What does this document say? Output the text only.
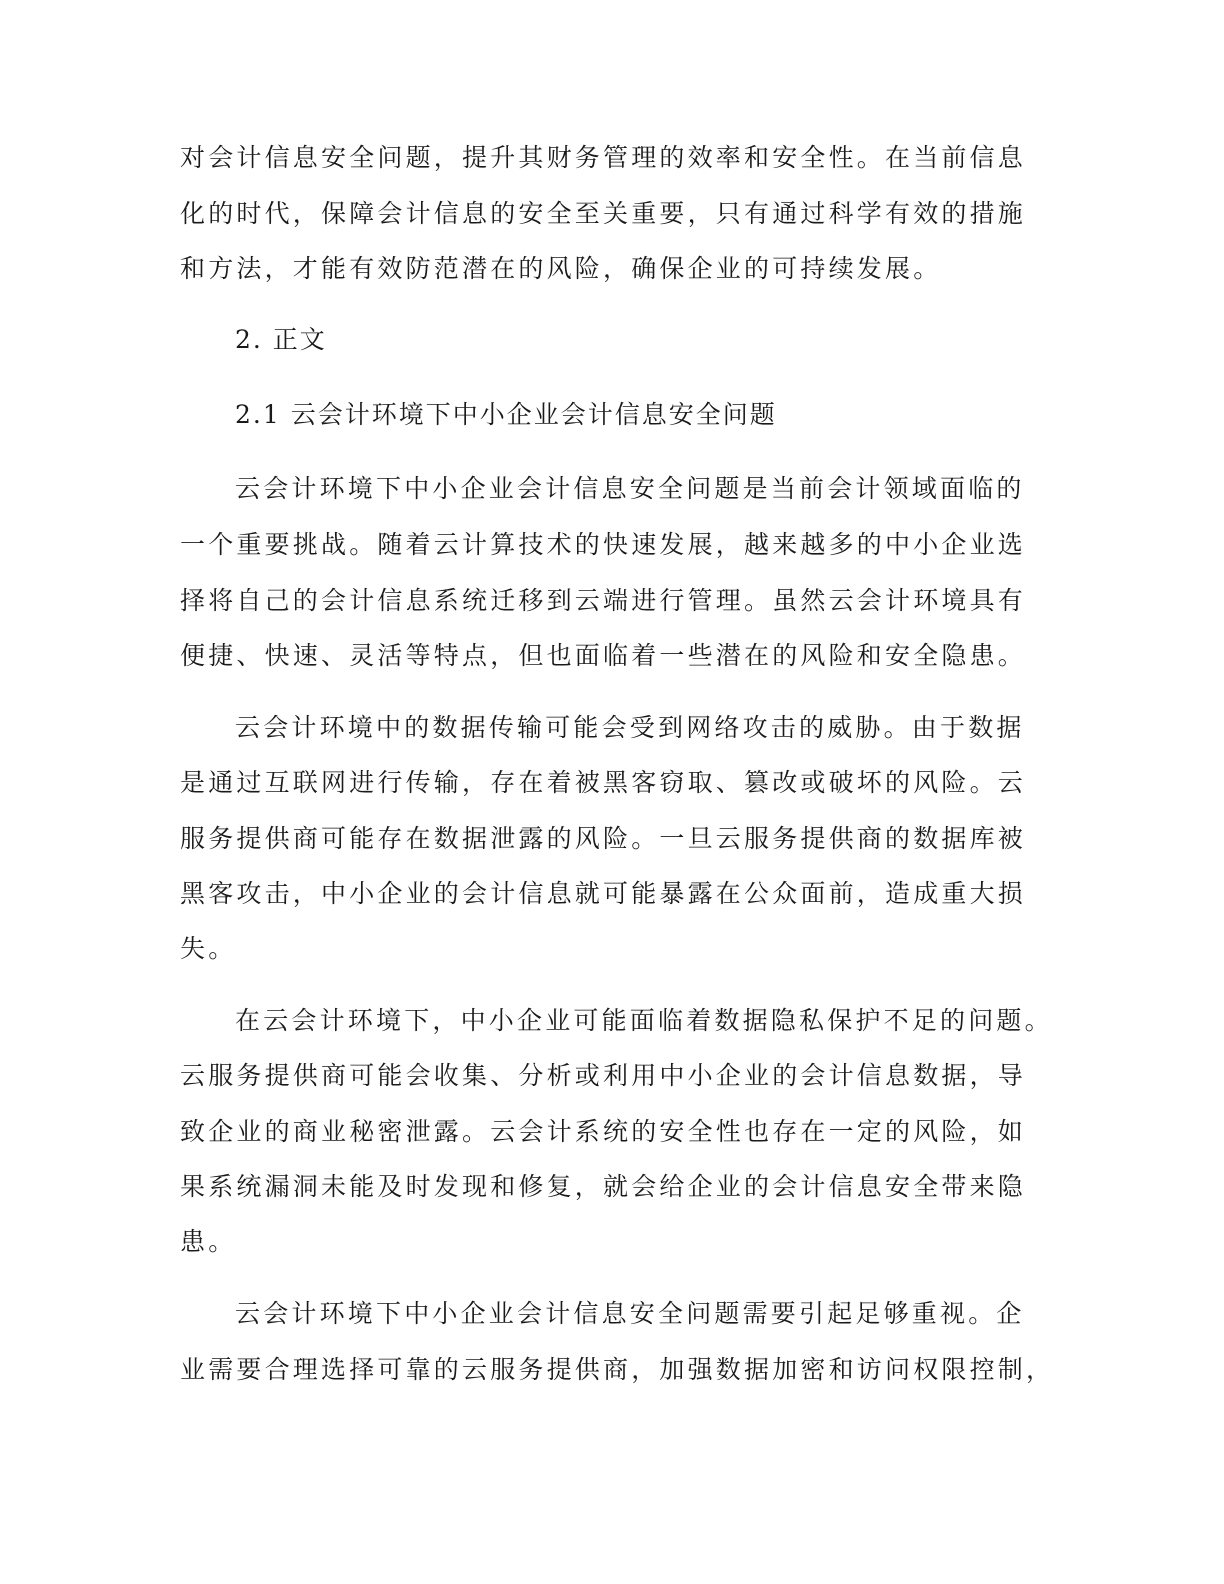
对会计信息安全问题，提升其财务管理的效率和安全性。在当前信息
化的时代，保障会计信息的安全至关重要，只有通过科学有效的措施
和方法，才能有效防范潜在的风险，确保企业的可持续发展。
2. 正文
2.1 云会计环境下中小企业会计信息安全问题
云会计环境下中小企业会计信息安全问题是当前会计领域面临的
一个重要挑战。随着云计算技术的快速发展，越来越多的中小企业选
择将自己的会计信息系统迁移到云端进行管理。虽然云会计环境具有
便捷、快速、灵活等特点，但也面临着一些潜在的风险和安全隐患。
云会计环境中的数据传输可能会受到网络攻击的威胁。由于数据
是通过互联网进行传输，存在着被黑客窃取、篡改或破坏的风险。云
服务提供商可能存在数据泄露的风险。一旦云服务提供商的数据库被
黑客攻击，中小企业的会计信息就可能暴露在公众面前，造成重大损
失。
在云会计环境下，中小企业可能面临着数据隐私保护不足的问题。
云服务提供商可能会收集、分析或利用中小企业的会计信息数据，导
致企业的商业秘密泄露。云会计系统的安全性也存在一定的风险，如
果系统漏洞未能及时发现和修复，就会给企业的会计信息安全带来隐
患。
云会计环境下中小企业会计信息安全问题需要引起足够重视。企
业需要合理选择可靠的云服务提供商，加强数据加密和访问权限控制，
